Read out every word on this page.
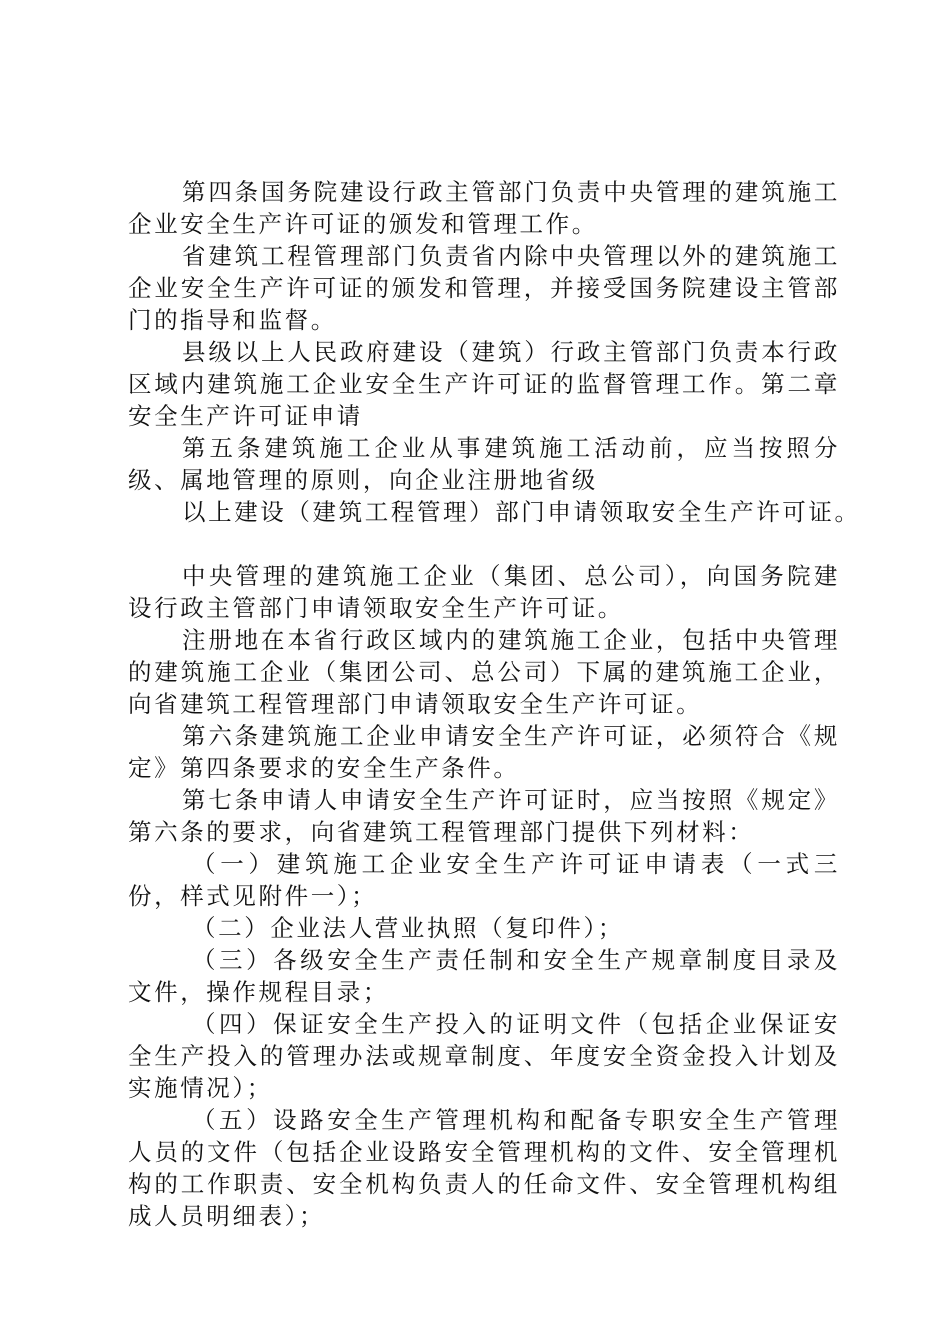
第四条国务院建设行政主管部门负责中央管理的建筑施工企业安全生产许可证的颁发和管理工作。

省建筑工程管理部门负责省内除中央管理以外的建筑施工企业安全生产许可证的颁发和管理，并接受国务院建设主管部门的指导和监督。

县级以上人民政府建设（建筑）行政主管部门负责本行政区域内建筑施工企业安全生产许可证的监督管理工作。第二章安全生产许可证申请

第五条建筑施工企业从事建筑施工活动前，应当按照分级、属地管理的原则，向企业注册地省级

以上建设（建筑工程管理）部门申请领取安全生产许可证。

中央管理的建筑施工企业（集团、总公司），向国务院建设行政主管部门申请领取安全生产许可证。

注册地在本省行政区域内的建筑施工企业，包括中央管理的建筑施工企业（集团公司、总公司）下属的建筑施工企业，向省建筑工程管理部门申请领取安全生产许可证。

第六条建筑施工企业申请安全生产许可证，必须符合《规定》第四条要求的安全生产条件。

第七条申请人申请安全生产许可证时，应当按照《规定》第六条的要求，向省建筑工程管理部门提供下列材料：

（一）建筑施工企业安全生产许可证申请表（一式三份，样式见附件一）；

（二）企业法人营业执照（复印件）；

（三）各级安全生产责任制和安全生产规章制度目录及文件，操作规程目录；

（四）保证安全生产投入的证明文件（包括企业保证安全生产投入的管理办法或规章制度、年度安全资金投入计划及实施情况）；

（五）设路安全生产管理机构和配备专职安全生产管理人员的文件（包括企业设路安全管理机构的文件、安全管理机构的工作职责、安全机构负责人的任命文件、安全管理机构组成人员明细表）；
